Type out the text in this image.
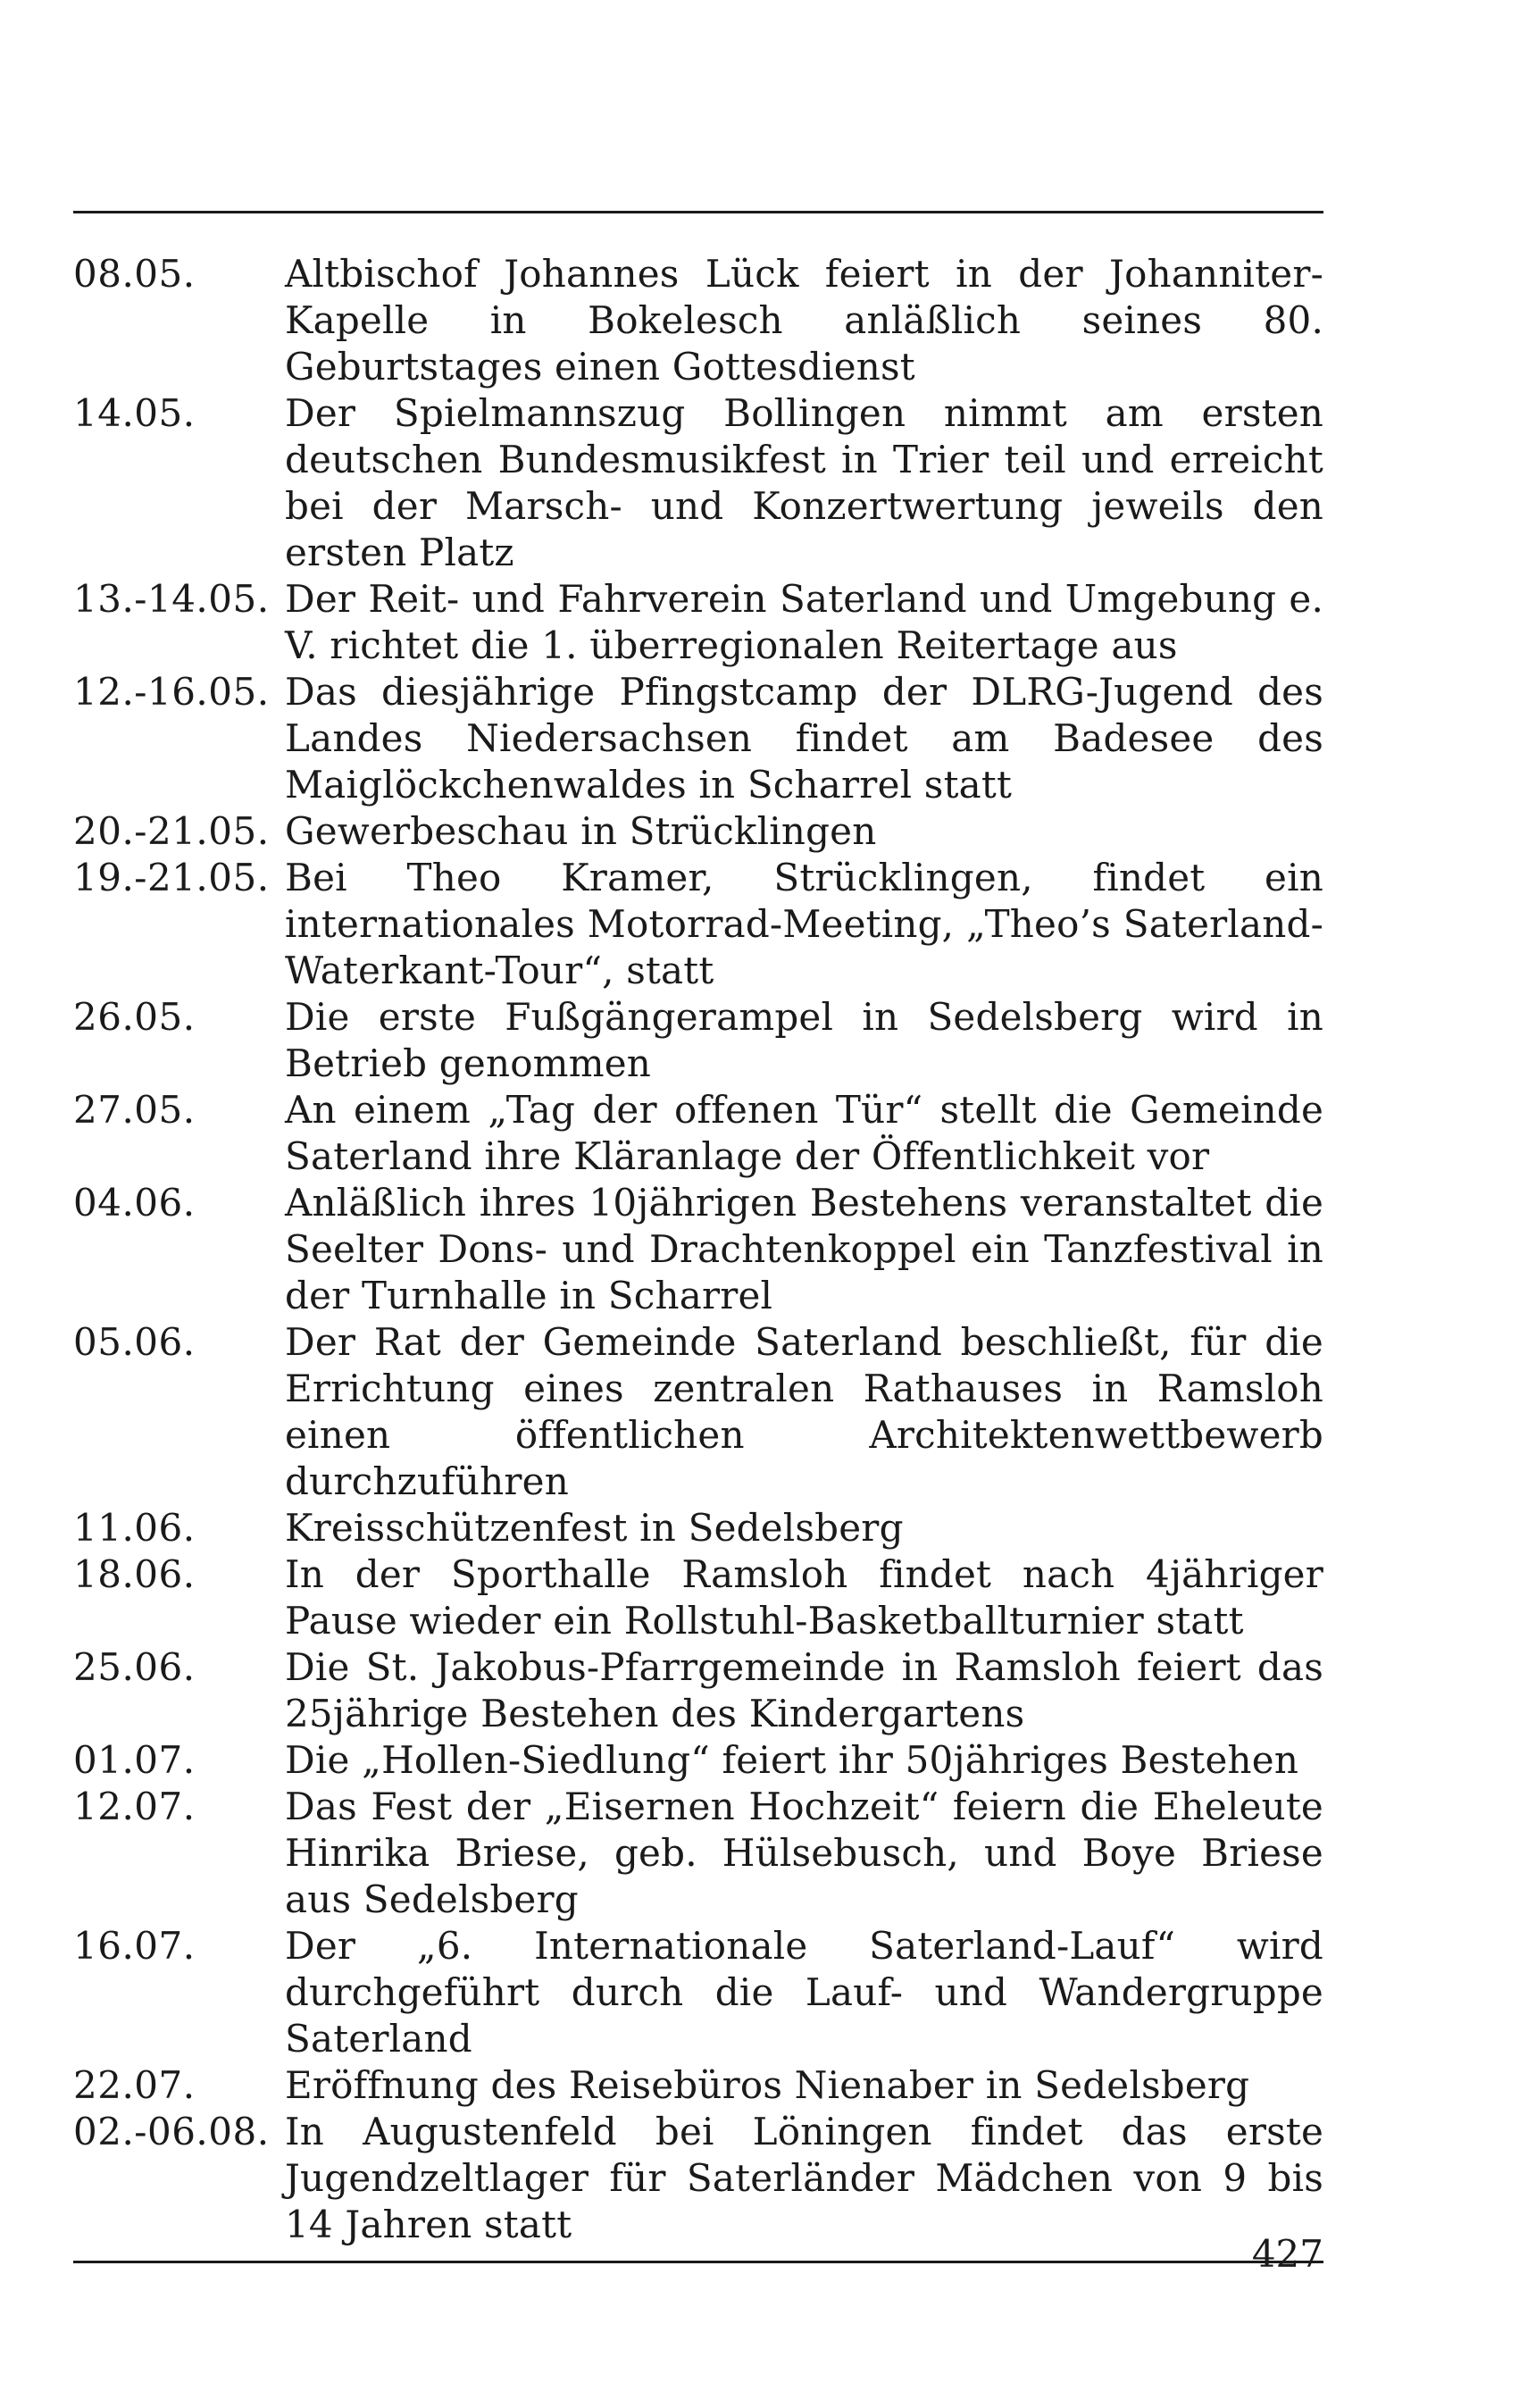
08.05.	Altbischof Johannes Lück feiert in der Johanniter-Kapelle in Bokelesch anläßlich seines 80. Geburtstages einen Gottesdienst
14.05.	Der Spielmannszug Bollingen nimmt am ersten deutschen Bundesmusikfest in Trier teil und erreicht bei der Marsch- und Konzertwertung jeweils den ersten Platz
13.-14.05. Der Reit- und Fahrverein Saterland und Umgebung e. V. richtet die 1. überregionalen Reitertage aus
12.-16.05. Das diesjährige Pfingstcamp der DLRG-Jugend des Landes Niedersachsen findet am Badesee des Maiglöckchenwaldes in Scharrel statt
20.-21.05. Gewerbeschau in Strücklingen
19.-21.05. Bei Theo Kramer, Strücklingen, findet ein internationales Motorrad-Meeting, „Theo’s Saterland-Waterkant-Tour“, statt
26.05.	Die erste Fußgängerampel in Sedelsberg wird in Betrieb genommen
27.05.	An einem „Tag der offenen Tür“ stellt die Gemeinde Saterland ihre Kläranlage der Öffentlichkeit vor
04.06.	Anläßlich ihres 10jährigen Bestehens veranstaltet die Seelter Dons- und Drachtenkoppel ein Tanzfestival in der Turnhalle in Scharrel
05.06.	Der Rat der Gemeinde Saterland beschließt, für die Errichtung eines zentralen Rathauses in Ramsloh einen öffentlichen Architektenwettbewerb durchzuführen
11.06.	Kreisschützenfest in Sedelsberg
18.06.	In der Sporthalle Ramsloh findet nach 4jähriger Pause wieder ein Rollstuhl-Basketballturnier statt
25.06.	Die St. Jakobus-Pfarrgemeinde in Ramsloh feiert das 25jährige Bestehen des Kindergartens
01.07.	Die „Hollen-Siedlung“ feiert ihr 50jähriges Bestehen
12.07.	Das Fest der „Eisernen Hochzeit“ feiern die Eheleute Hinrika Briese, geb. Hülsebusch, und Boye Briese aus Sedelsberg
16.07.	Der „6. Internationale Saterland-Lauf“ wird durchgeführt durch die Lauf- und Wandergruppe Saterland
22.07.	Eröffnung des Reisebüros Nienaber in Sedelsberg
02.-06.08. In Augustenfeld bei Löningen findet das erste Jugendzeltlager für Saterländer Mädchen von 9 bis 14 Jahren statt
427
